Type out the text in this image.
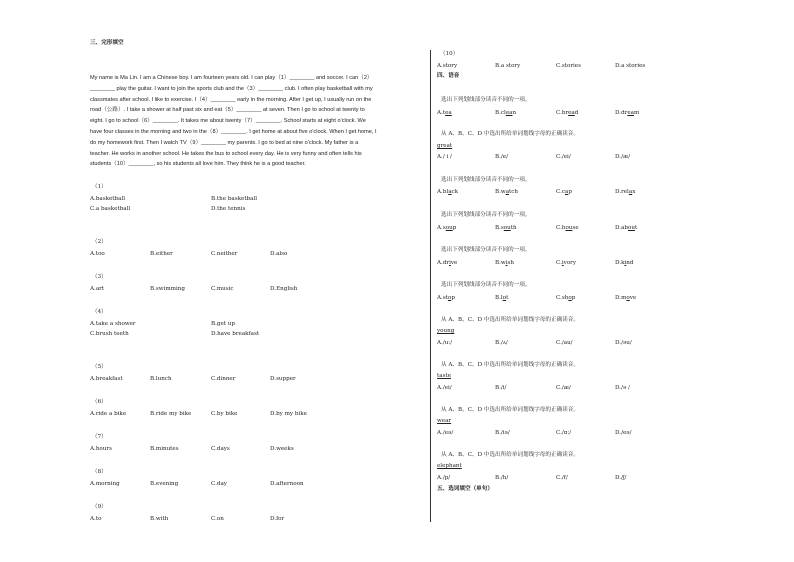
三、完形填空
My name is Ma Lin. I am a Chinese boy. I am fourteen years old. I can play（1）________ and soccer. I can（2）
________ play the guitar. I want to join the sports club and the（3）________ club. I often play basketball with my
classmates after school. I like to exercise. I（4）________ early in the morning. After I get up, I usually run on the
road（公路）. I take a shower at half past six and eat（5）________ at seven. Then I go to school at twenty to
eight. I go to school（6）________. It takes me about twenty（7）________. School starts at eight o'clock. We
have four classes in the morning and two in the（8）________. I get home at about five o'clock. When I get home, I
do my homework first. Then I watch TV（9）________ my parents. I go to bed at nine o'clock. My father is a
teacher. He works in another school. He takes the bus to school every day. He is very funny and often tells his
students（10）________, so his students all love him. They think he is a good teacher.
（1）
A.basketball	B.the basketball
C.a basketball	D.the tennis
（2）
A.too	B.either	C.neither	D.also
（3）
A.art	B.swimming	C.music	D.English
（4）
A.take a shower	B.get up
C.brush teeth	D.have breakfast
（5）
A.breakfast	B.lunch	C.dinner	D.supper
（6）
A.ride a bike	B.ride my bike	C.by bike	D.by my bike
（7）
A.hours	B.minutes	C.days	D.weeks
（8）
A.morning	B.evening	C.day	D.afternoon
（9）
A.to	B.with	C.on	D.for
（10）
A.story	B.a story	C.stories	D.a stories
四、语音
选出下列划线部分读音不同的一项。
A.tea	B.clean	C.bread	D.dream
从 A、B、C、D 中选出所给单词划线字母的正确读音。
great
A./ i /	B./e/	C./ei/	D./æ/
选出下列划线部分读音不同的一项。
A.black	B.watch	C.cap	D.relax
选出下列划线部分读音不同的一项。
A.soup	B.south	C.house	D.about
选出下列划线部分读音不同的一项。
A.drive	B.wish	C.ivory	D.kind
选出下列划线部分读音不同的一项。
A.stop	B.lot	C.shop	D.move
从 A、B、C、D 中选出所给单词划线字母的正确读音。
young
A./u:/	B./ʌ/	C./au/	D./əu/
从 A、B、C、D 中选出所给单词划线字母的正确读音。
taste
A./ei/	B./i/	C./æ/	D./ə /
从 A、B、C、D 中选出所给单词划线字母的正确读音。
wear
A./eə/	B./iə/	C./ɑ:/	D./eə/
从 A、B、C、D 中选出所给单词划线字母的正确读音。
elephant
A./p/	B./h/	C./f/	D./ʃ/
五、选词填空（单句）
